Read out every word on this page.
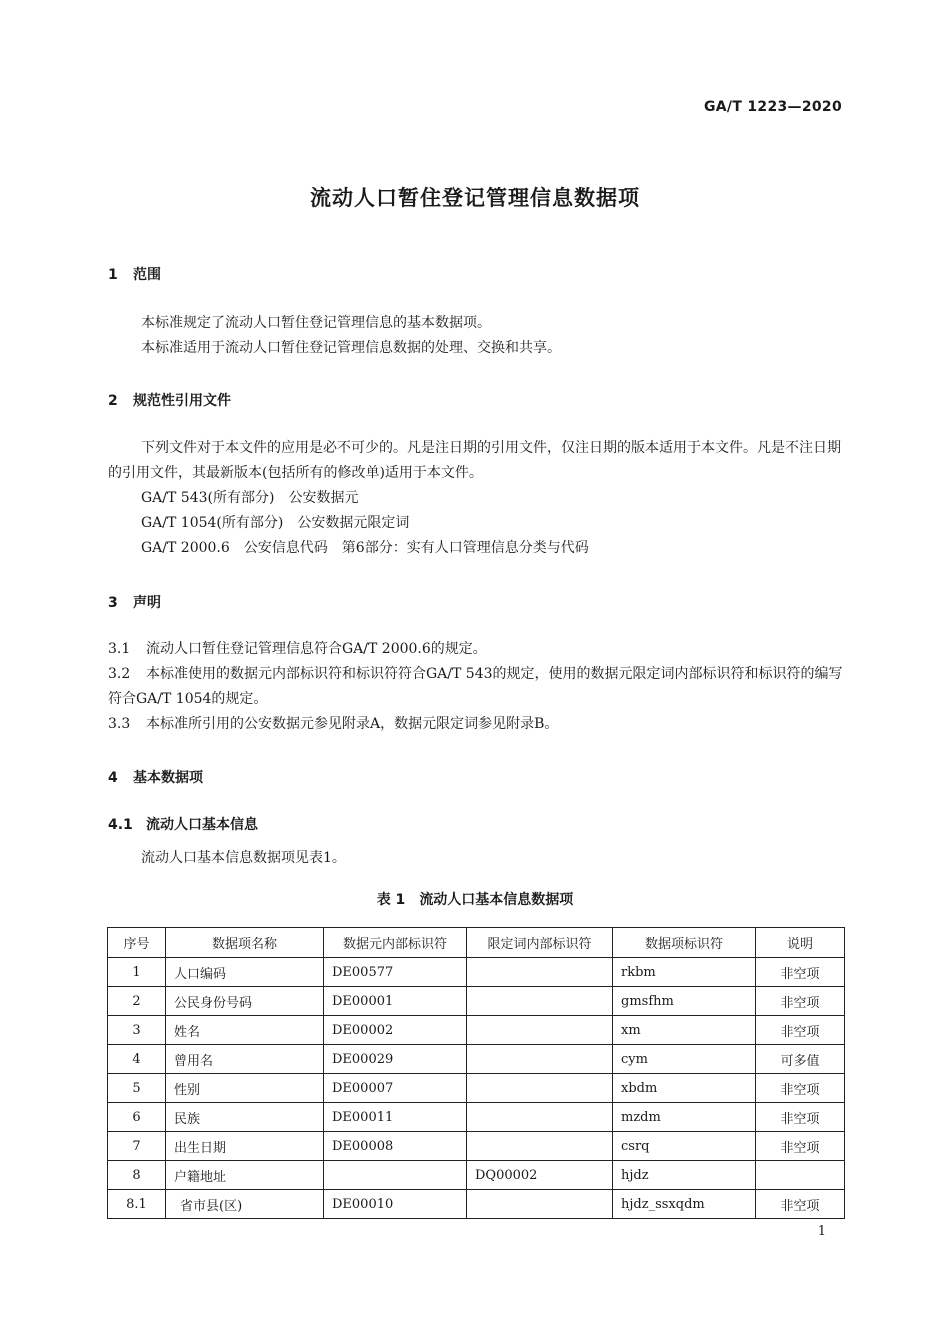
GA/T 1223—2020
流动人口暂住登记管理信息数据项
1 范围
本标准规定了流动人口暂住登记管理信息的基本数据项。
本标准适用于流动人口暂住登记管理信息数据的处理、交换和共享。
2 规范性引用文件
下列文件对于本文件的应用是必不可少的。凡是注日期的引用文件，仅注日期的版本适用于本文件。凡是不注日期的引用文件，其最新版本(包括所有的修改单)适用于本文件。
GA/T 543(所有部分)　公安数据元
GA/T 1054(所有部分)　公安数据元限定词
GA/T 2000.6　公安信息代码　第6部分：实有人口管理信息分类与代码
3 声明
3.1 流动人口暂住登记管理信息符合GA/T 2000.6的规定。
3.2 本标准使用的数据元内部标识符和标识符符合GA/T 543的规定，使用的数据元限定词内部标识符和标识符的编写符合GA/T 1054的规定。
3.3 本标准所引用的公安数据元参见附录A，数据元限定词参见附录B。
4 基本数据项
4.1 流动人口基本信息
流动人口基本信息数据项见表1。
表 1 流动人口基本信息数据项
序号	数据项名称	数据元内部标识符	限定词内部标识符	数据项标识符	说明
1	人口编码	DE00577		rkbm	非空项
2	公民身份号码	DE00001		gmsfhm	非空项
3	姓名	DE00002		xm	非空项
4	曾用名	DE00029		cym	可多值
5	性别	DE00007		xbdm	非空项
6	民族	DE00011		mzdm	非空项
7	出生日期	DE00008		csrq	非空项
8	户籍地址		DQ00002	hjdz	
8.1	省市县(区)	DE00010		hjdz_ssxqdm	非空项
1
